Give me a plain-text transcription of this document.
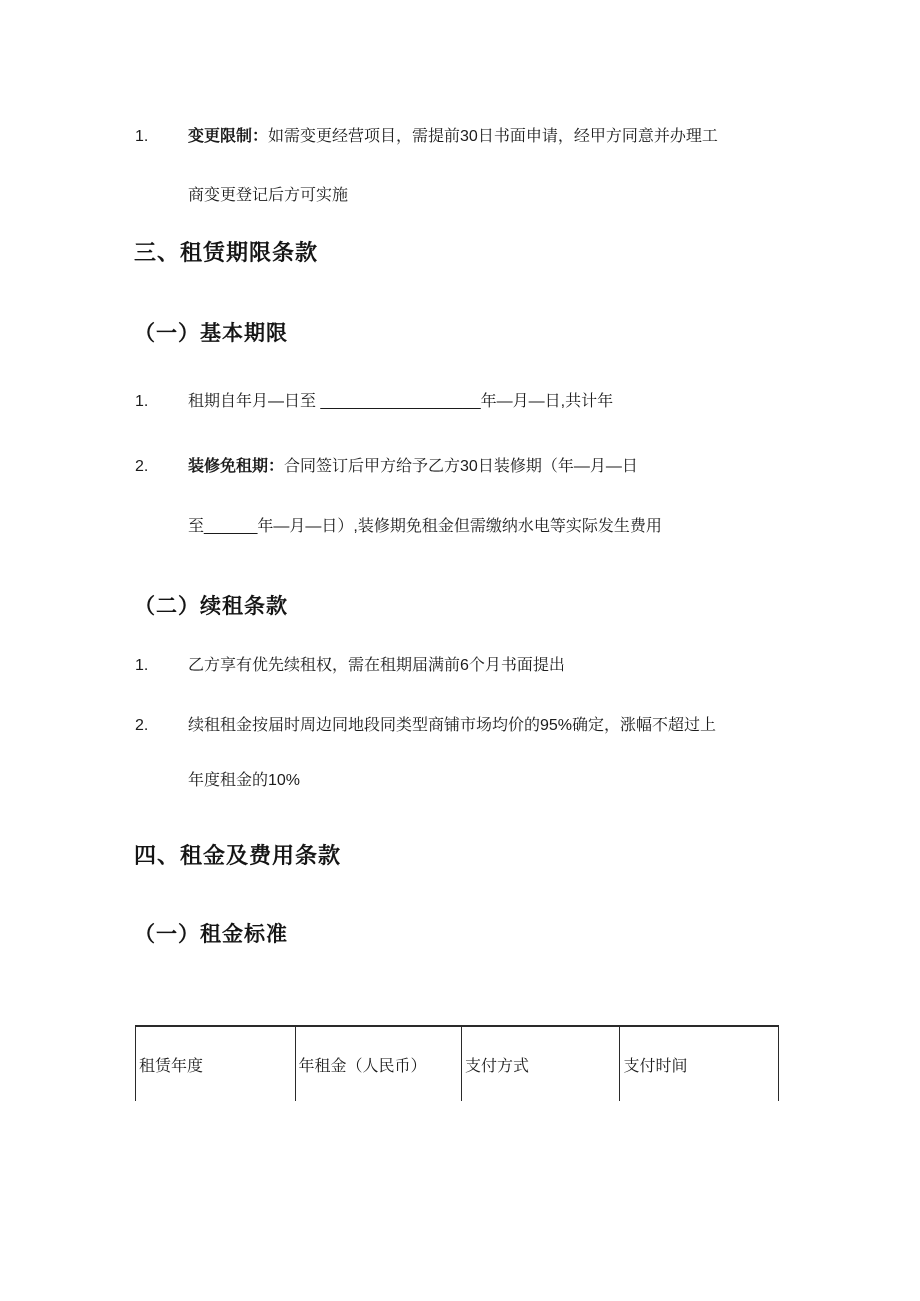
1. 变更限制：如需变更经营项目，需提前30日书面申请，经甲方同意并办理工
商变更登记后方可实施
三、租赁期限条款
（一）基本期限
1. 租期自年月—日至 __________________年—月—日,共计年
2. 装修免租期：合同签订后甲方给予乙方30日装修期（年—月—日
至______年—月—日）,装修期免租金但需缴纳水电等实际发生费用
（二）续租条款
1. 乙方享有优先续租权，需在租期届满前6个月书面提出
2. 续租租金按届时周边同地段同类型商铺市场均价的95%确定，涨幅不超过上
年度租金的10%
四、租金及费用条款
（一）租金标准
租赁年度	年租金（人民币）	支付方式	支付时间
